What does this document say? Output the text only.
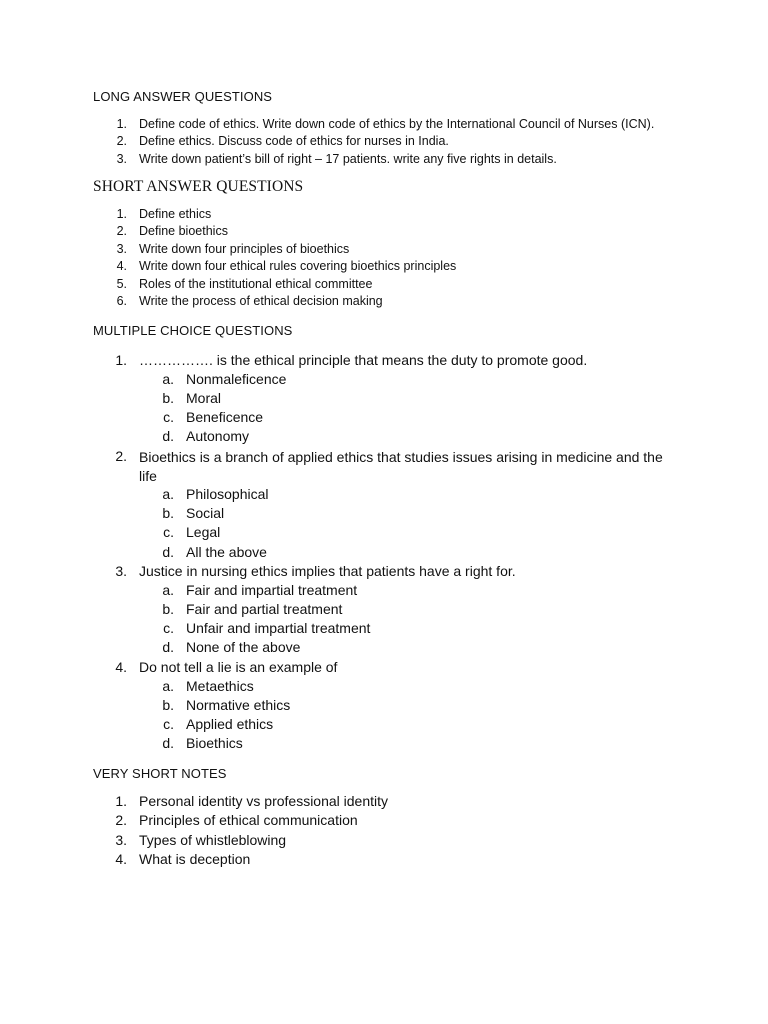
LONG ANSWER QUESTIONS
1. Define code of ethics. Write down code of ethics by the International Council of Nurses (ICN).
2. Define ethics. Discuss code of ethics for nurses in India.
3. Write down patient’s bill of right – 17 patients. write any five rights in details.
SHORT ANSWER QUESTIONS
1. Define ethics
2. Define bioethics
3. Write down four principles of bioethics
4. Write down four ethical rules covering bioethics principles
5. Roles of the institutional ethical committee
6. Write the process of ethical decision making
MULTIPLE CHOICE QUESTIONS
1. ……………. is the ethical principle that means the duty to promote good.
a. Nonmaleficence
b. Moral
c. Beneficence
d. Autonomy
2. Bioethics is a branch of applied ethics that studies issues arising in medicine and the life
a. Philosophical
b. Social
c. Legal
d. All the above
3. Justice in nursing ethics implies that patients have a right for.
a. Fair and impartial treatment
b. Fair and partial treatment
c. Unfair and impartial treatment
d. None of the above
4. Do not tell a lie is an example of
a. Metaethics
b. Normative ethics
c. Applied ethics
d. Bioethics
VERY SHORT NOTES
1. Personal identity vs professional identity
2. Principles of ethical communication
3. Types of whistleblowing
4. What is deception
